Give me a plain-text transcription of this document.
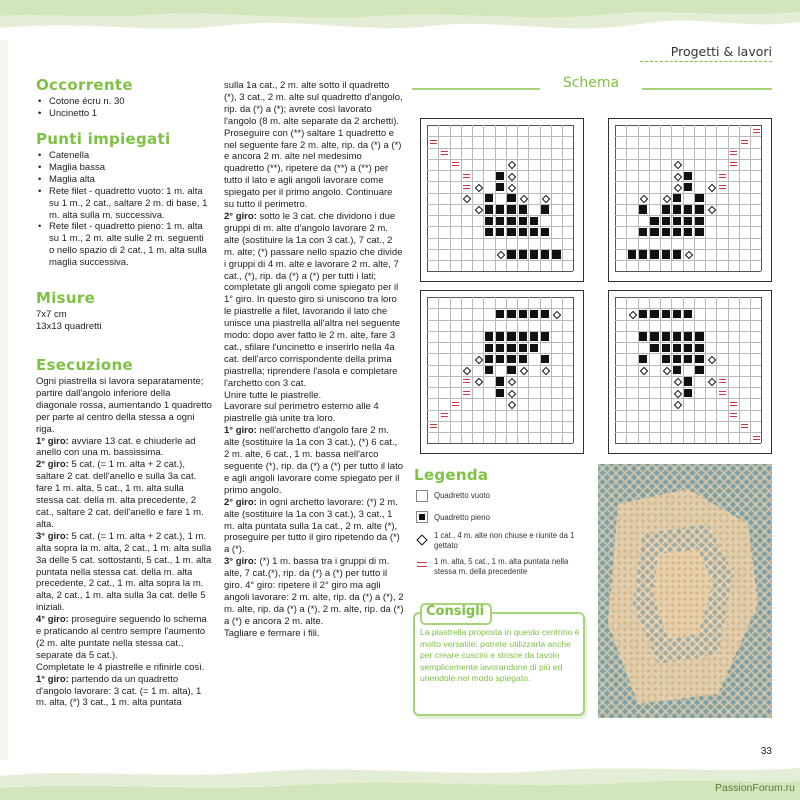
Progetti & lavori

Occorrente
• Cotone écru n. 30
• Uncinetto 1
Punti impiegati
• Catenella
• Maglia bassa
• Maglia alta
• Rete filet - quadretto vuoto: 1 m. alta su 1 m., 2 cat., saltare 2 m. di base, 1 m. alta sulla m. successiva.
• Rete filet - quadretto pieno: 1 m. alta su 1 m., 2 m. alte sulle 2 m. seguenti o nello spazio di 2 cat., 1 m. alta sulla maglia successiva.
Misure

7x7 cm

13x13 quadretti

Esecuzione

Ogni piastrella si lavora separatamente; partire dall'angolo inferiore della diagonale rossa, aumentando 1 quadretto per parte al centro della stessa a ogni riga.

1° giro: avviare 13 cat. e chiuderle ad anello con una m. bassissima.

2° giro: 5 cat. (= 1 m. alta + 2 cat.), saltare 2 cat. dell'anello e sulla 3a cat. fare 1 m. alta, 5 cat., 1 m. alta sulla stessa cat. della m. alta precedente, 2 cat., saltare 2 cat. dell'anello e fare 1 m. alta.

3° giro: 5 cat. (= 1 m. alta + 2 cat.), 1 m. alta sopra la m. alta, 2 cat., 1 m. alta sulla 3a delle 5 cat. sottostanti, 5 cat., 1 m. alta puntata nella stessa cat. della m. alta precedente, 2 cat., 1 m. alta sopra la m. alta, 2 cat., 1 m. alta sulla 3a cat. delle 5 iniziali.

4° giro: proseguire seguendo lo schema e praticando al centro sempre l'aumento (2 m. alte puntate nella stessa cat., separate da 5 cat.).

Completate le 4 piastrelle e rifinirle così.

1° giro: partendo da un quadretto d'angolo lavorare: 3 cat. (= 1 m. alta), 1 m. alta, (*) 3 cat., 1 m. alta puntata

sulla 1a cat., 2 m. alte sotto il quadretto (*), 3 cat., 2 m. alte sul quadretto d'angolo, rip. da (*) a (*); avrete così lavorato l'angolo (8 m. alte separate da 2 archetti). Proseguire con (**) saltare 1 quadretto e nel seguente fare 2 m. alte, rip. da (*) a (*) e ancora 2 m. alte nel medesimo quadretto (**), ripetere da (**) a (**) per tutto il lato e agli angoli lavorare come spiegato per il primo angolo. Continuare su tutto il perimetro.

2° giro: sotto le 3 cat. che dividono i due gruppi di m. alte d'angolo lavorare 2 m. alte (sostituire la 1a con 3 cat.), 7 cat., 2 m. alte; (*) passare nello spazio che divide i gruppi di 4 m. alte e lavorare 2 m. alte, 7 cat., (*), rip. da (*) a (*) per tutti i lati; completate gli angoli come spiegato per il 1° giro. In questo giro si uniscono tra loro le piastrelle a filet, lavorando il lato che unisce una piastrella all'altra nel seguente modo: dopo aver fatto le 2 m. alte, fare 3 cat., sfilare l'uncinetto e inserirlo nella 4a cat. dell'arco corrispondente della prima piastrella; riprendere l'asola e completare l'archetto con 3 cat.

Unire tutte le piastrelle.

Lavorare sul perimetro esterno alle 4 piastrelle già unite tra loro.

1° giro: nell'archetto d'angolo fare 2 m. alte (sostituire la 1a con 3 cat.), (*) 6 cat., 2 m. alte, 6 cat., 1 m. bassa nell'arco seguente (*), rip. da (*) a (*) per tutto il lato e agli angoli lavorare come spiegato per il primo angolo.

2° giro: in ogni archetto lavorare: (*) 2 m. alte (sostituire la 1a con 3 cat.), 3 cat., 1 m. alta puntata sulla 1a cat., 2 m. alte (*), proseguire per tutto il giro ripetendo da (*) a (*).

3° giro: (*) 1 m. bassa tra i gruppi di m. alte, 7 cat.(*), rip. da (*) a (*) per tutto il giro. 4° giro: ripetere il 2° giro ma agli angoli lavorare: 2 m. alte, rip. da (*) a (*), 2 m. alte, rip. da (*) a (*), 2 m. alte, rip. da (*) a (*) e ancora 2 m. alte.

Tagliare e fermare i fili.

Schema

Legenda

Quadretto vuoto

Quadretto pieno

1 cat., 4 m. alte non chiuse e riunite da 1 gettato

1 m. alta, 5 cat., 1 m. alta puntata nella stessa m. della precedente

Consigli

La piastrella proposta in questo centrino è molto versatile: potrete utilizzarla anche per creare cuscini e strisce da tavolo semplicemente lavorandone di più ed unendole nel modo spiegato.

33

PassionForum.ru
